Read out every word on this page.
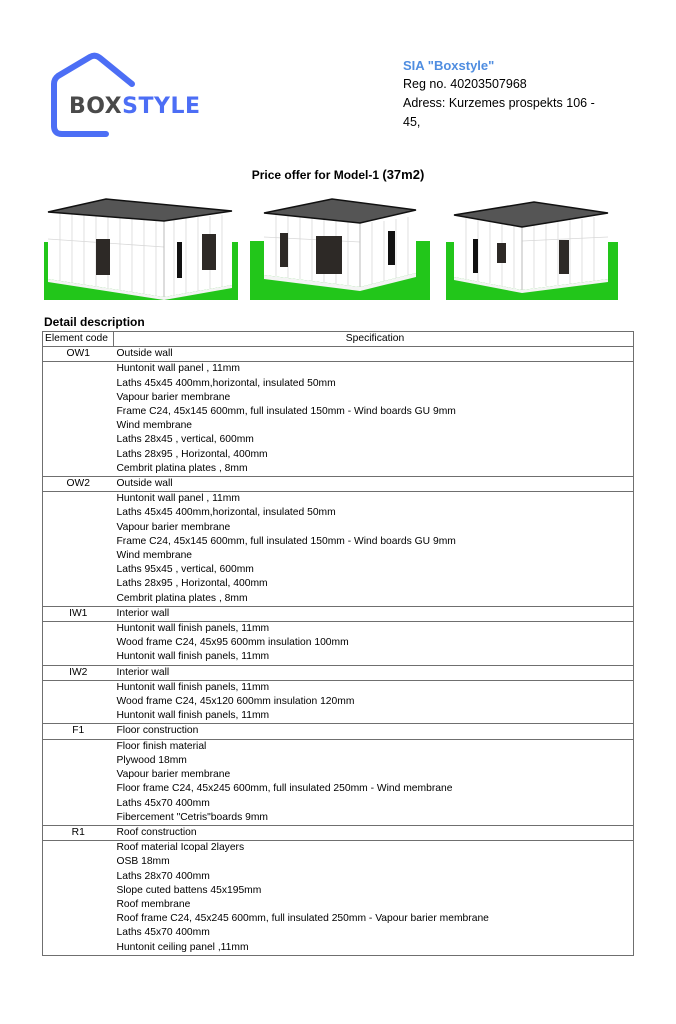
BOXSTYLE
SIA "Boxstyle"
Reg no. 40203507968
Adress: Kurzemes prospekts 106 -
45,
Price offer for Model-1 (37m2)
Detail description
Element code	Specification
OW1	Outside wall
	Huntonit wall panel , 11mm
	Laths 45x45 400mm,horizontal, insulated 50mm
	Vapour barier membrane
	Frame C24, 45x145 600mm, full insulated 150mm - Wind boards GU 9mm
	Wind membrane
	Laths 28x45 , vertical, 600mm
	Laths 28x95 , Horizontal, 400mm
	Cembrit platina plates , 8mm
OW2	Outside wall
	Huntonit wall panel , 11mm
	Laths 45x45 400mm,horizontal, insulated 50mm
	Vapour barier membrane
	Frame C24, 45x145 600mm, full insulated 150mm - Wind boards GU 9mm
	Wind membrane
	Laths 95x45 , vertical, 600mm
	Laths 28x95 , Horizontal, 400mm
	Cembrit platina plates , 8mm
IW1	Interior wall
	Huntonit wall finish panels, 11mm
	Wood frame C24, 45x95 600mm insulation 100mm
	Huntonit wall finish panels, 11mm
IW2	Interior wall
	Huntonit wall finish panels, 11mm
	Wood frame C24, 45x120 600mm insulation 120mm
	Huntonit wall finish panels, 11mm
F1	Floor construction
	Floor finish material
	Plywood 18mm
	Vapour barier membrane
	Floor frame C24, 45x245 600mm, full insulated 250mm - Wind membrane
	Laths 45x70 400mm
	Fibercement "Cetris"boards 9mm
R1	Roof construction
	Roof material Icopal 2layers
	OSB 18mm
	Laths 28x70 400mm
	Slope cuted battens 45x195mm
	Roof membrane
	Roof frame C24, 45x245 600mm, full insulated 250mm - Vapour barier membrane
	Laths 45x70 400mm
	Huntonit ceiling panel ,11mm
